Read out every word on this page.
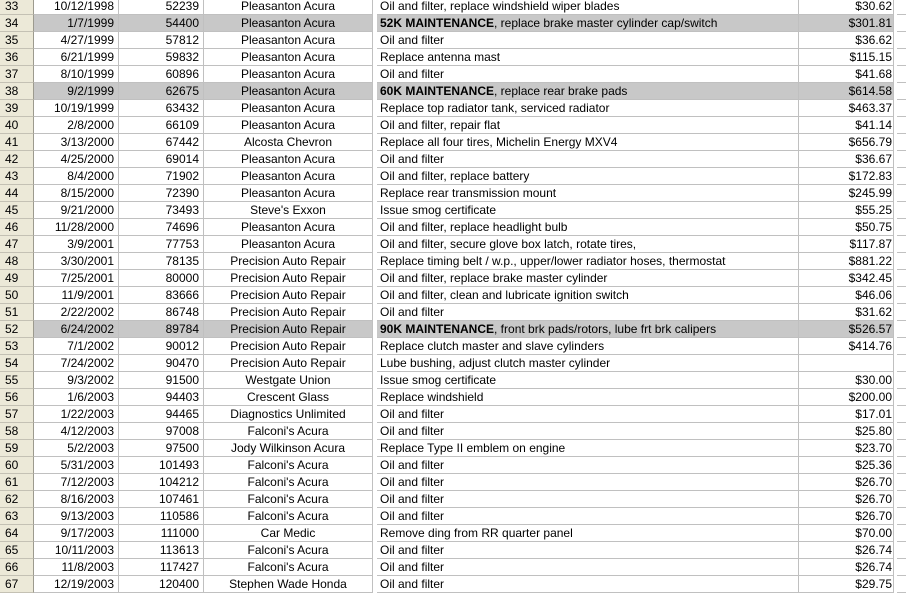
33	10/12/1998	52239	Pleasanton Acura	Oil and filter, replace windshield wiper blades	$30.62
34	1/7/1999	54400	Pleasanton Acura	52K MAINTENANCE, replace brake master cylinder cap/switch	$301.81
35	4/27/1999	57812	Pleasanton Acura	Oil and filter	$36.62
36	6/21/1999	59832	Pleasanton Acura	Replace antenna mast	$115.15
37	8/10/1999	60896	Pleasanton Acura	Oil and filter	$41.68
38	9/2/1999	62675	Pleasanton Acura	60K MAINTENANCE, replace rear brake pads	$614.58
39	10/19/1999	63432	Pleasanton Acura	Replace top radiator tank, serviced radiator	$463.37
40	2/8/2000	66109	Pleasanton Acura	Oil and filter, repair flat	$41.14
41	3/13/2000	67442	Alcosta Chevron	Replace all four tires, Michelin Energy MXV4	$656.79
42	4/25/2000	69014	Pleasanton Acura	Oil and filter	$36.67
43	8/4/2000	71902	Pleasanton Acura	Oil and filter, replace battery	$172.83
44	8/15/2000	72390	Pleasanton Acura	Replace rear transmission mount	$245.99
45	9/21/2000	73493	Steve's Exxon	Issue smog certificate	$55.25
46	11/28/2000	74696	Pleasanton Acura	Oil and filter, replace headlight bulb	$50.75
47	3/9/2001	77753	Pleasanton Acura	Oil and filter, secure glove box latch, rotate tires,	$117.87
48	3/30/2001	78135	Precision Auto Repair	Replace timing belt / w.p., upper/lower radiator hoses, thermostat	$881.22
49	7/25/2001	80000	Precision Auto Repair	Oil and filter, replace brake master cylinder	$342.45
50	11/9/2001	83666	Precision Auto Repair	Oil and filter, clean and lubricate ignition switch	$46.06
51	2/22/2002	86748	Precision Auto Repair	Oil and filter	$31.62
52	6/24/2002	89784	Precision Auto Repair	90K MAINTENANCE, front brk pads/rotors, lube frt brk calipers	$526.57
53	7/1/2002	90012	Precision Auto Repair	Replace clutch master and slave cylinders	$414.76
54	7/24/2002	90470	Precision Auto Repair	Lube bushing, adjust clutch master cylinder
55	9/3/2002	91500	Westgate Union	Issue smog certificate	$30.00
56	1/6/2003	94403	Crescent Glass	Replace windshield	$200.00
57	1/22/2003	94465	Diagnostics Unlimited	Oil and filter	$17.01
58	4/12/2003	97008	Falconi's Acura	Oil and filter	$25.80
59	5/2/2003	97500	Jody Wilkinson Acura	Replace Type II emblem on engine	$23.70
60	5/31/2003	101493	Falconi's Acura	Oil and filter	$25.36
61	7/12/2003	104212	Falconi's Acura	Oil and filter	$26.70
62	8/16/2003	107461	Falconi's Acura	Oil and filter	$26.70
63	9/13/2003	110586	Falconi's Acura	Oil and filter	$26.70
64	9/17/2003	111000	Car Medic	Remove ding from RR quarter panel	$70.00
65	10/11/2003	113613	Falconi's Acura	Oil and filter	$26.74
66	11/8/2003	117427	Falconi's Acura	Oil and filter	$26.74
67	12/19/2003	120400	Stephen Wade Honda	Oil and filter	$29.75
